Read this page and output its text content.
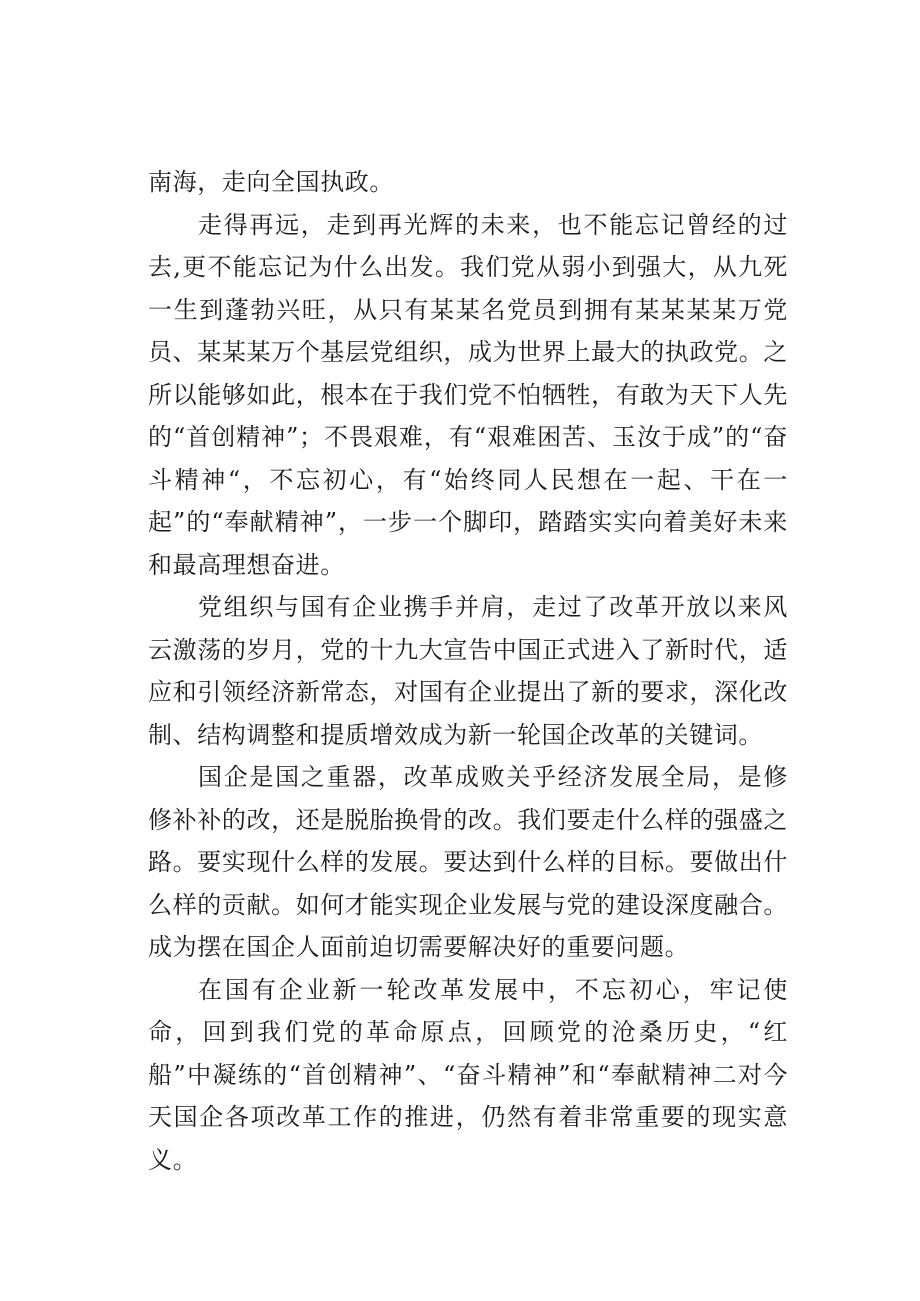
南海，走向全国执政。

走得再远，走到再光辉的未来，也不能忘记曾经的过去,更不能忘记为什么出发。我们党从弱小到强大，从九死一生到蓬勃兴旺，从只有某某名党员到拥有某某某某万党员、某某某万个基层党组织，成为世界上最大的执政党。之所以能够如此，根本在于我们党不怕牺牲，有敢为天下人先的“首创精神”；不畏艰难，有“艰难困苦、玉汝于成”的“奋斗精神“，不忘初心，有“始终同人民想在一起、干在一起”的“奉献精神”，一步一个脚印，踏踏实实向着美好未来和最高理想奋进。

党组织与国有企业携手并肩，走过了改革开放以来风云激荡的岁月，党的十九大宣告中国正式进入了新时代，适应和引领经济新常态，对国有企业提出了新的要求，深化改制、结构调整和提质增效成为新一轮国企改革的关键词。

国企是国之重器，改革成败关乎经济发展全局，是修修补补的改，还是脱胎换骨的改。我们要走什么样的强盛之路。要实现什么样的发展。要达到什么样的目标。要做出什么样的贡献。如何才能实现企业发展与党的建设深度融合。成为摆在国企人面前迫切需要解决好的重要问题。

在国有企业新一轮改革发展中，不忘初心，牢记使命，回到我们党的革命原点，回顾党的沧桑历史，“红船”中凝练的“首创精神”、“奋斗精神”和“奉献精神二对今天国企各项改革工作的推进，仍然有着非常重要的现实意义。
